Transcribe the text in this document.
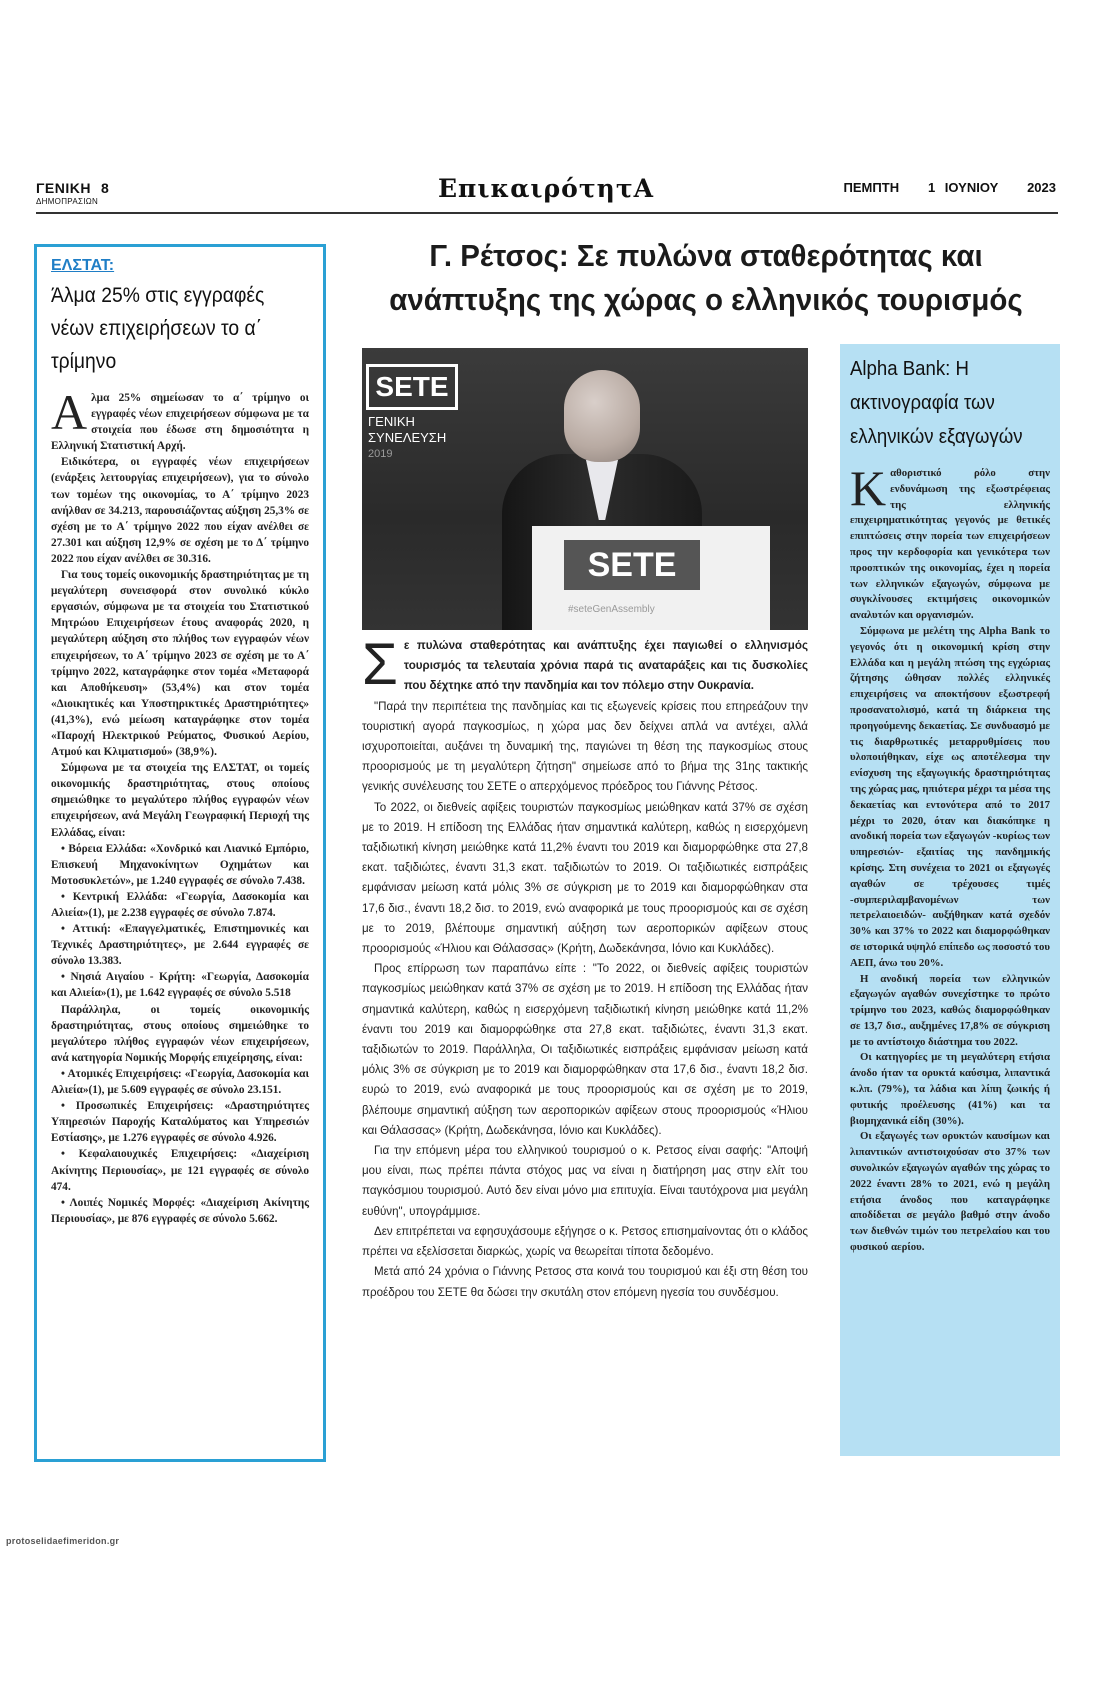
ΓΕΝΙΚΗ 8
ΔΗΜΟΠΡΑΣΙΩΝ	ΕπικαιρότητΑ	ΠΕΜΠΤΗ   1 ΙΟΥΝΙΟΥ   2023
ΕΛΣΤΑΤ:
Άλμα 25% στις εγγραφές νέων επιχειρήσεων το α΄ τρίμηνο
Α λμα 25% σημείωσαν το α΄ τρίμηνο οι εγγραφές νέων επιχειρήσεων σύμφωνα με τα στοιχεία που έδωσε στη δημοσιότητα η Ελληνική Στατιστική Αρχή.

Ειδικότερα, οι εγγραφές νέων επιχειρήσεων (ενάρξεις λειτουργίας επιχειρήσεων), για το σύνολο των τομέων της οικονομίας, το Α΄ τρίμηνο 2023 ανήλθαν σε 34.213, παρουσιάζοντας αύξηση 25,3% σε σχέση με το Α΄ τρίμηνο 2022 που είχαν ανέλθει σε 27.301 και αύξηση 12,9% σε σχέση με το Δ΄ τρίμηνο 2022 που είχαν ανέλθει σε 30.316.

Για τους τομείς οικονομικής δραστηριότητας με τη μεγαλύτερη συνεισφορά στον συνολικό κύκλο εργασιών, σύμφωνα με τα στοιχεία του Στατιστικού Μητρώου Επιχειρήσεων έτους αναφοράς 2020, η μεγαλύτερη αύξηση στο πλήθος των εγγραφών νέων επιχειρήσεων, το Α΄ τρίμηνο 2023 σε σχέση με το Α΄ τρίμηνο 2022, καταγράφηκε στον τομέα «Μεταφορά και Αποθήκευση» (53,4%) και στον τομέα «Διοικητικές και Υποστηρικτικές Δραστηριότητες» (41,3%), ενώ μείωση καταγράφηκε στον τομέα «Παροχή Ηλεκτρικού Ρεύματος, Φυσικού Αερίου, Ατμού και Κλιματισμού» (38,9%).

Σύμφωνα με τα στοιχεία της ΕΛΣΤΑΤ, οι τομείς οικονομικής δραστηριότητας, στους οποίους σημειώθηκε το μεγαλύτερο πλήθος εγγραφών νέων επιχειρήσεων, ανά Μεγάλη Γεωγραφική Περιοχή της Ελλάδας, είναι:

• Βόρεια Ελλάδα: «Χονδρικό και Λιανικό Εμπόριο, Επισκευή Μηχανοκίνητων Οχημάτων και Μοτοσυκλετών», με 1.240 εγγραφές σε σύνολο 7.438.

• Κεντρική Ελλάδα: «Γεωργία, Δασοκομία και Αλιεία»(1), με 2.238 εγγραφές σε σύνολο 7.874.

• Αττική: «Επαγγελματικές, Επιστημονικές και Τεχνικές Δραστηριότητες», με 2.644 εγγραφές σε σύνολο 13.383.

• Νησιά Αιγαίου - Κρήτη: «Γεωργία, Δασοκομία και Αλιεία»(1), με 1.642 εγγραφές σε σύνολο 5.518

Παράλληλα, οι τομείς οικονομικής δραστηριότητας, στους οποίους σημειώθηκε το μεγαλύτερο πλήθος εγγραφών νέων επιχειρήσεων, ανά κατηγορία Νομικής Μορφής επιχείρησης, είναι:

• Ατομικές Επιχειρήσεις: «Γεωργία, Δασοκομία και Αλιεία»(1), με 5.609 εγγραφές σε σύνολο 23.151.

• Προσωπικές Επιχειρήσεις: «Δραστηριότητες Υπηρεσιών Παροχής Καταλύματος και Υπηρεσιών Εστίασης», με 1.276 εγγραφές σε σύνολο 4.926.

• Κεφαλαιουχικές Επιχειρήσεις: «Διαχείριση Ακίνητης Περιουσίας», με 121 εγγραφές σε σύνολο 474.

• Λοιπές Νομικές Μορφές: «Διαχείριση Ακίνητης Περιουσίας», με 876 εγγραφές σε σύνολο 5.662.

Γ. Ρέτσος: Σε πυλώνα σταθερότητας και ανάπτυξης της χώρας ο ελληνικός τουρισμός
SETE
ΓΕΝΙΚΗ
ΣΥΝΕΛΕΥΣΗ
2019
SETE
#seteGenAssembly
Σ ε πυλώνα σταθερότητας και ανάπτυξης έχει παγιωθεί ο ελληνισμός τουρισμός τα τελευταία χρόνια παρά τις αναταράξεις και τις δυσκολίες που δέχτηκε από την πανδημία και τον πόλεμο στην Ουκρανία.

"Παρά την περιπέτεια της πανδημίας και τις εξωγενείς κρίσεις που επηρεάζουν την τουριστική αγορά παγκοσμίως, η χώρα μας δεν δείχνει απλά να αντέχει, αλλά ισχυροποιείται, αυξάνει τη δυναμική της, παγιώνει τη θέση της παγκοσμίως στους προορισμούς με τη μεγαλύτερη ζήτηση" σημείωσε από το βήμα της 31ης τακτικής γενικής συνέλευσης του ΣΕΤΕ ο απερχόμενος πρόεδρος του Γιάννης Ρέτσος.

Το 2022, οι διεθνείς αφίξεις τουριστών παγκοσμίως μειώθηκαν κατά 37% σε σχέση με το 2019. Η επίδοση της Ελλάδας ήταν σημαντικά καλύτερη, καθώς η εισερχόμενη ταξιδιωτική κίνηση μειώθηκε κατά 11,2% έναντι του 2019 και διαμορφώθηκε στα 27,8 εκατ. ταξιδιώτες, έναντι 31,3 εκατ. ταξιδιωτών το 2019. Οι ταξιδιωτικές εισπράξεις εμφάνισαν μείωση κατά μόλις 3% σε σύγκριση με το 2019 και διαμορφώθηκαν στα 17,6 δισ., έναντι 18,2 δισ. το 2019, ενώ αναφορικά με τους προορισμούς και σε σχέση με το 2019, βλέπουμε σημαντική αύξηση των αεροπορικών αφίξεων στους προορισμούς «Ήλιου και Θάλασσας» (Κρήτη, Δωδεκάνησα, Ιόνιο και Κυκλάδες).

Προς επίρρωση των παραπάνω είπε : "Το 2022, οι διεθνείς αφίξεις τουριστών παγκοσμίως μειώθηκαν κατά 37% σε σχέση με το 2019. Η επίδοση της Ελλάδας ήταν σημαντικά καλύτερη, καθώς η εισερχόμενη ταξιδιωτική κίνηση μειώθηκε κατά 11,2% έναντι του 2019 και διαμορφώθηκε στα 27,8 εκατ. ταξιδιώτες, έναντι 31,3 εκατ. ταξιδιωτών το 2019. Παράλληλα, Οι ταξιδιωτικές εισπράξεις εμφάνισαν μείωση κατά μόλις 3% σε σύγκριση με το 2019 και διαμορφώθηκαν στα 17,6 δισ., έναντι 18,2 δισ. ευρώ το 2019, ενώ αναφορικά με τους προορισμούς και σε σχέση με το 2019, βλέπουμε σημαντική αύξηση των αεροπορικών αφίξεων στους προορισμούς «Ήλιου και Θάλασσας» (Κρήτη, Δωδεκάνησα, Ιόνιο και Κυκλάδες).

Για την επόμενη μέρα του ελληνικού τουρισμού ο κ. Ρετσος είναι σαφής: "Αποψή μου είναι, πως πρέπει πάντα στόχος μας να είναι η διατήρηση μας στην ελίτ του παγκόσμιου τουρισμού. Αυτό δεν είναι μόνο μια επιτυχία. Είναι ταυτόχρονα μια μεγάλη ευθύνη", υπογράμμισε.

Δεν επιτρέπεται να εφησυχάσουμε εξήγησε ο κ. Ρετσος επισημαίνοντας ότι ο κλάδος πρέπει να εξελίσσεται διαρκώς, χωρίς να θεωρείται τίποτα δεδομένο.

Μετά από 24 χρόνια ο Γιάννης Ρετσος στα κοινά του τουρισμού και έξι στη θέση του προέδρου του ΣΕΤΕ θα δώσει την σκυτάλη στον επόμενη ηγεσία του συνδέσμου.

Alpha Bank: Η ακτινογραφία των ελληνικών εξαγωγών
Κ αθοριστικό ρόλο στην ενδυνάμωση της εξωστρέφειας της ελληνικής επιχειρηματικότητας γεγονός με θετικές επιπτώσεις στην πορεία των επιχειρήσεων προς την κερδοφορία και γενικότερα των προοπτικών της οικονομίας, έχει η πορεία των ελληνικών εξαγωγών, σύμφωνα με συγκλίνουσες εκτιμήσεις οικονομικών αναλυτών και οργανισμών.

Σύμφωνα με μελέτη της Alpha Bank το γεγονός ότι η οικονομική κρίση στην Ελλάδα και η μεγάλη πτώση της εγχώριας ζήτησης ώθησαν πολλές ελληνικές επιχειρήσεις να αποκτήσουν εξωστρεφή προσανατολισμό, κατά τη διάρκεια της προηγούμενης δεκαετίας. Σε συνδυασμό με τις διαρθρωτικές μεταρρυθμίσεις που υλοποιήθηκαν, είχε ως αποτέλεσμα την ενίσχυση της εξαγωγικής δραστηριότητας της χώρας μας, ηπιότερα μέχρι τα μέσα της δεκαετίας και εντονότερα από το 2017 μέχρι το 2020, όταν και διακόπηκε η ανοδική πορεία των εξαγωγών -κυρίως των υπηρεσιών- εξαιτίας της πανδημικής κρίσης. Στη συνέχεια το 2021 οι εξαγωγές αγαθών σε τρέχουσες τιμές -συμπεριλαμβανομένων των πετρελαιοειδών- αυξήθηκαν κατά σχεδόν 30% και 37% το 2022 και διαμορφώθηκαν σε ιστορικά υψηλό επίπεδο ως ποσοστό του ΑΕΠ, άνω του 20%.

Η ανοδική πορεία των ελληνικών εξαγωγών αγαθών συνεχίστηκε το πρώτο τρίμηνο του 2023, καθώς διαμορφώθηκαν σε 13,7 δισ., αυξημένες 17,8% σε σύγκριση με το αντίστοιχο διάστημα του 2022.

Οι κατηγορίες με τη μεγαλύτερη ετήσια άνοδο ήταν τα ορυκτά καύσιμα, λιπαντικά κ.λπ. (79%), τα λάδια και λίπη ζωικής ή φυτικής προέλευσης (41%) και τα βιομηχανικά είδη (30%).

Οι εξαγωγές των ορυκτών καυσίμων και λιπαντικών αντιστοιχούσαν στο 37% των συνολικών εξαγωγών αγαθών της χώρας το 2022 έναντι 28% το 2021, ενώ η μεγάλη ετήσια άνοδος που καταγράφηκε αποδίδεται σε μεγάλο βαθμό στην άνοδο των διεθνών τιμών του πετρελαίου και του φυσικού αερίου.

protoselidaefimeridon.gr
